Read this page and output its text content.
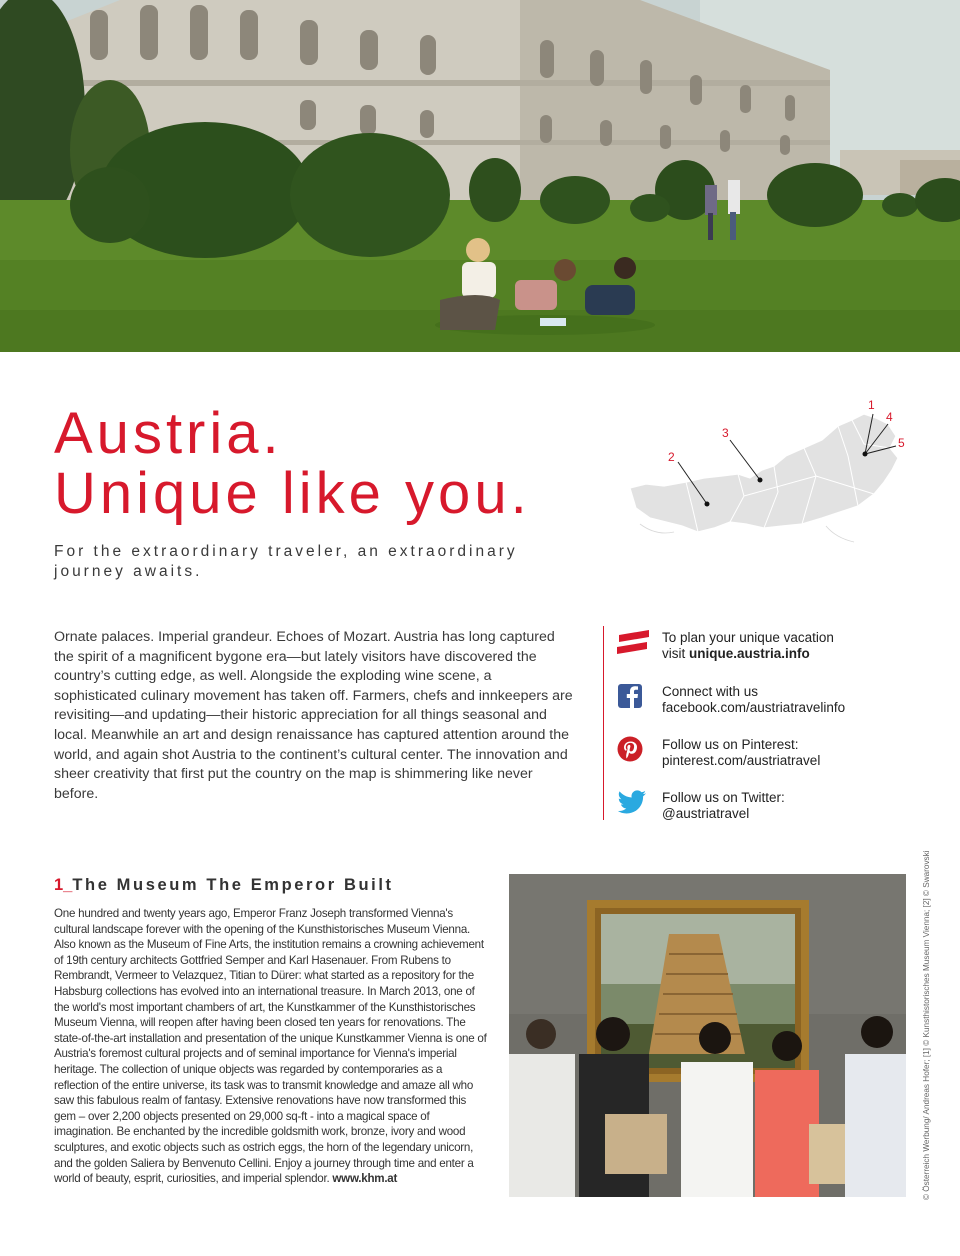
Austria.
Unique like you.

For the extraordinary traveler, an extraordinary journey awaits.

1
2
3
4
5

Ornate palaces. Imperial grandeur. Echoes of Mozart. Austria has long captured the spirit of a magnificent bygone era—but lately visitors have discovered the country’s cutting edge, as well. Alongside the exploding wine scene, a sophisticated culinary movement has taken off. Farmers, chefs and innkeepers are revisiting—and updating—their historic appreciation for all things seasonal and local. Meanwhile an art and design renaissance has captured attention around the world, and again shot Austria to the continent’s cultural center. The innovation and sheer creativity that first put the country on the map is shimmering like never before.

To plan your unique vacation
visit unique.austria.info
Connect with us
facebook.com/austriatravelinfo
Follow us on Pinterest:
pinterest.com/austriatravel
Follow us on Twitter:
@austriatravel
1_The Museum The Emperor Built

One hundred and twenty years ago, Emperor Franz Joseph transformed Vienna's cultural landscape forever with the opening of the Kunsthistorisches Museum Vienna. Also known as the Museum of Fine Arts, the institution remains a crowning achievement of 19th century architects Gottfried Semper and Karl Hasenauer. From Rubens to Rembrandt, Vermeer to Velazquez, Titian to Dürer: what started as a repository for the Habsburg collections has evolved into an international treasure. In March 2013, one of the world's most important chambers of art, the Kunstkammer of the Kunsthistorisches Museum Vienna, will reopen after having been closed ten years for renovations. The state-of-the-art installation and presentation of the unique Kunstkammer Vienna is one of Austria's foremost cultural projects and of seminal importance for Vienna's imperial heritage. The collection of unique objects was regarded by contemporaries as a reflection of the entire universe, its task was to transmit knowledge and amaze all who saw this fabulous realm of fantasy. Extensive renovations have now transformed this gem – over 2,200 objects presented on 29,000 sq-ft - into a magical space of imagination. Be enchanted by the incredible goldsmith work, bronze, ivory and wood sculptures, and exotic objects such as ostrich eggs, the horn of the legendary unicorn, and the golden Saliera by Benvenuto Cellini. Enjoy a journey through time and enter a world of beauty, esprit, curiosities, and imperial splendor. www.khm.at	© Österreich Werbung/ Andreas Hofer; [1] © Kunsthistorisches Museum Vienna; [2] © Swarovski
